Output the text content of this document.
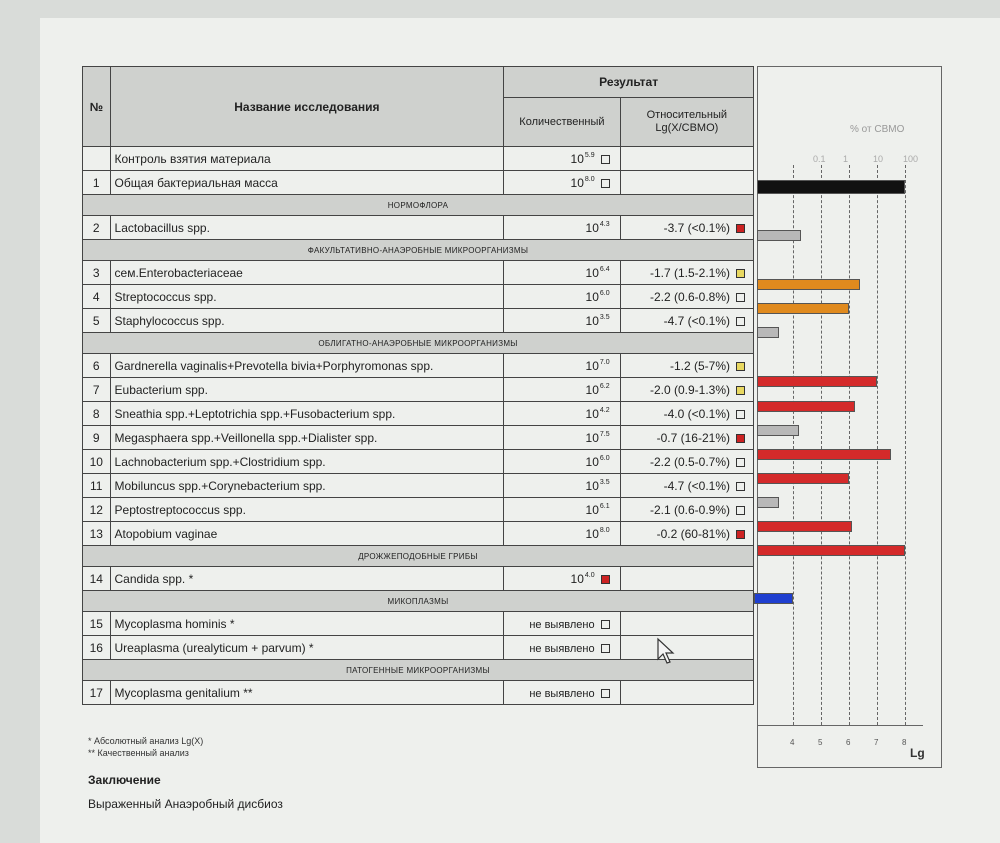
№	Название исследования	Результат	
		Количественный	Относительный
Lg(X/СВМО)
	Контроль взятия материала	$10^{5.9}$	
1	Общая бактериальная масса	$10^{8.0}$	
НОРМОФЛОРА			
2	Lactobacillus spp.	$10^{4.3}$	-3.7 (<0.1%)
ФАКУЛЬТАТИВНО-АНАЭРОБНЫЕ МИКРООРГАНИЗМЫ			
3	сем.Enterobacteriaceae	$10^{6.4}$	-1.7 (1.5-2.1%)
4	Streptococcus spp.	$10^{6.0}$	-2.2 (0.6-0.8%)
5	Staphylococcus spp.	$10^{3.5}$	-4.7 (<0.1%)
ОБЛИГАТНО-АНАЭРОБНЫЕ МИКРООРГАНИЗМЫ			
6	Gardnerella vaginalis+Prevotella bivia+Porphyromonas spp.	$10^{7.0}$	-1.2 (5-7%)
7	Eubacterium spp.	$10^{6.2}$	-2.0 (0.9-1.3%)
8	Sneathia spp.+Leptotrichia spp.+Fusobacterium spp.	$10^{4.2}$	-4.0 (<0.1%)
9	Megasphaera spp.+Veillonella spp.+Dialister spp.	$10^{7.5}$	-0.7 (16-21%)
10	Lachnobacterium spp.+Clostridium spp.	$10^{6.0}$	-2.2 (0.5-0.7%)
11	Mobiluncus spp.+Corynebacterium spp.	$10^{3.5}$	-4.7 (<0.1%)
12	Peptostreptococcus spp.	$10^{6.1}$	-2.1 (0.6-0.9%)
13	Atopobium vaginae	$10^{8.0}$	-0.2 (60-81%)
ДРОЖЖЕПОДОБНЫЕ ГРИБЫ			
14	Candida spp. *	$10^{4.0}$	
МИКОПЛАЗМЫ			
15	Mycoplasma hominis *	не выявлено	
16	Ureaplasma (urealyticum + parvum) *	не выявлено	
ПАТОГЕННЫЕ МИКРООРГАНИЗМЫ			
17	Mycoplasma genitalium **	не выявлено	
* Абсолютный анализ Lg(X)
** Качественный анализ
Заключение
Выраженный Анаэробный дисбиоз
% от СВМО
4	5	6	7	8
0.1 1	10 100
Lg
